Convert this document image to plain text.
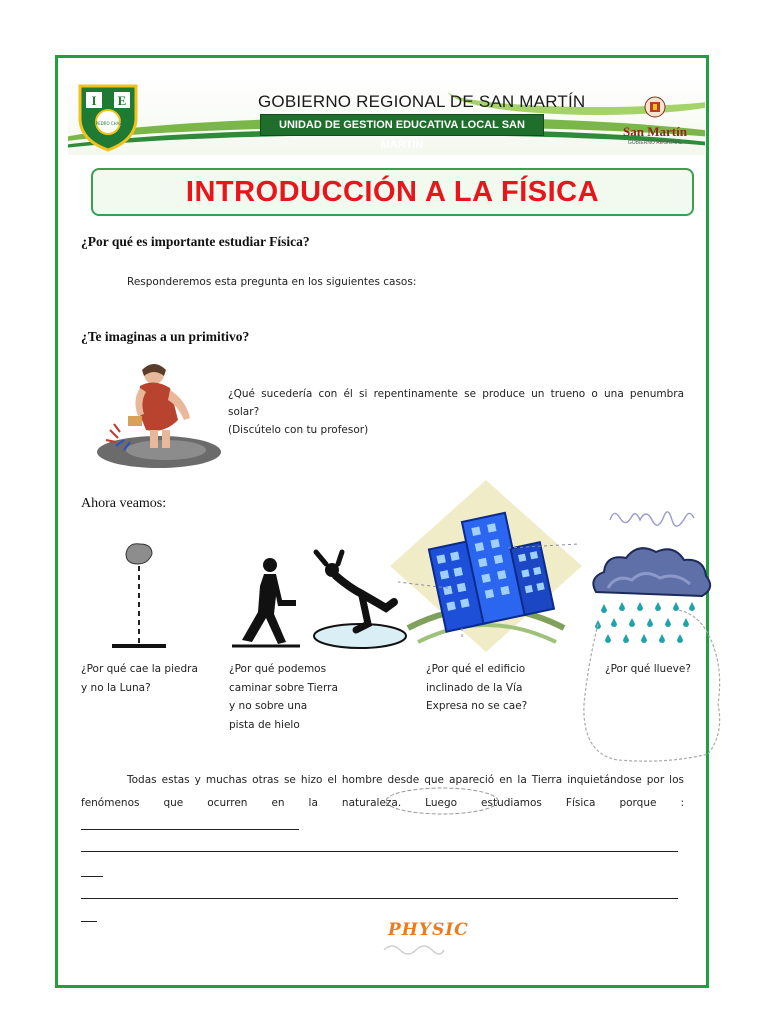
I E
SAN PEDRO CHAZUTA
GOBIERNO REGIONAL DE SAN MARTÍN
UNIDAD DE GESTION EDUCATIVA LOCAL SAN MARTIN
San Martín
GOBIERNO REGIONAL
INTRODUCCIÓN A LA FÍSICA
¿Por qué es importante estudiar Física?
Responderemos esta pregunta en los siguientes casos:
¿Te imaginas a un primitivo?
¿Qué sucedería con él si repentinamente se produce un trueno o una penumbra
solar?
(Discútelo con tu profesor)
Ahora veamos:
¿Por qué cae la piedra
y no la Luna?
¿Por qué podemos
caminar sobre Tierra
y no sobre una
pista de hielo
¿Por qué el edificio
inclinado de la Vía
Expresa no se cae?
¿Por qué llueve?
Todas estas y muchas otras se hizo el hombre desde que apareció en la Tierra inquietándose por los
fenómenos que ocurren en la naturaleza. Luego estudiamos Física porque :
PHYSIC
